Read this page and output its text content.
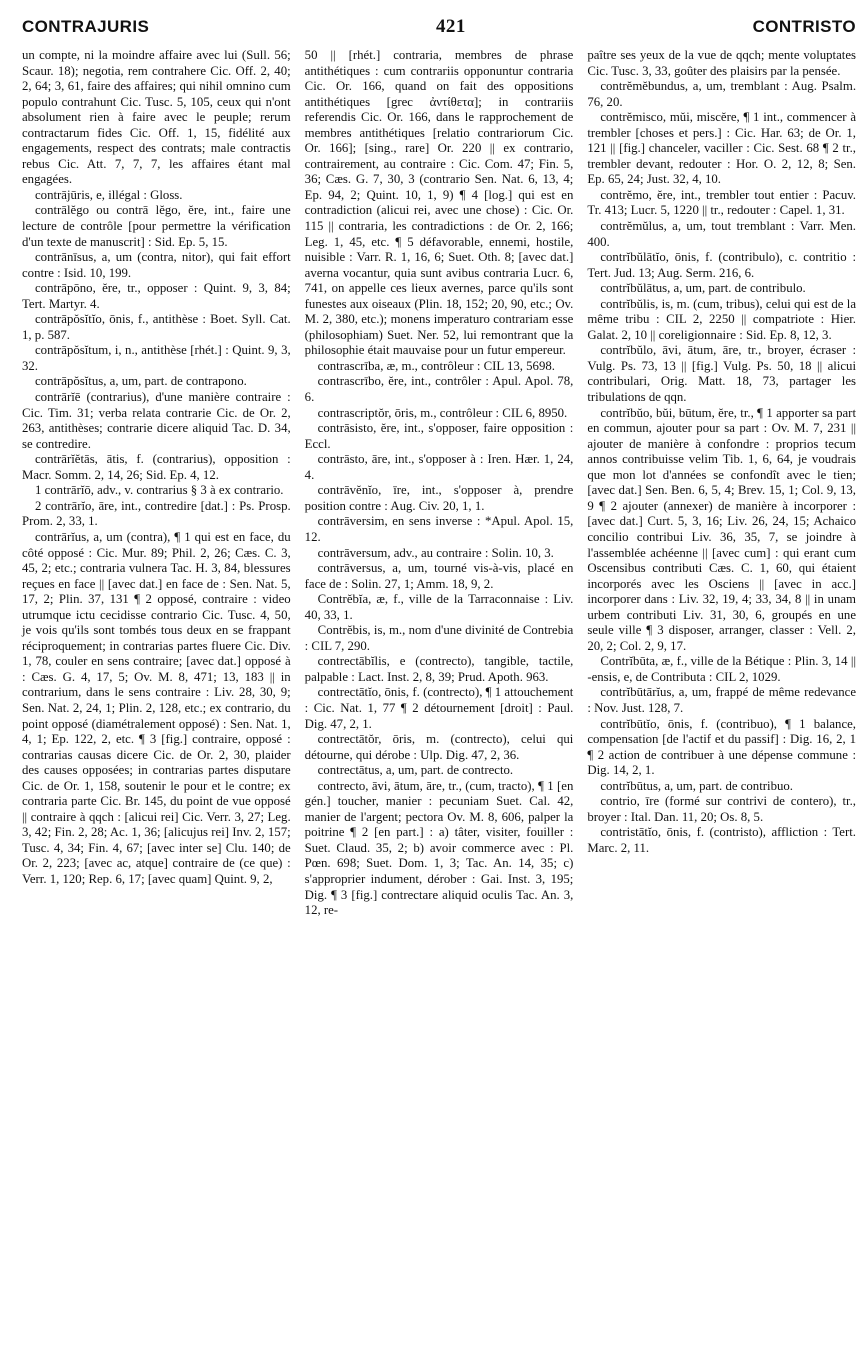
CONTRAJURIS	421	CONTRISTO

un compte, ni la moindre affaire avec lui (Sull. 56; Scaur. 18); negotia, rem contrahere Cic. Off. 2, 40; 2, 64; 3, 61, faire des affaires; qui nihil omnino cum populo contrahunt Cic. Tusc. 5, 105, ceux qui n'ont absolument rien à faire avec le peuple; rerum contractarum fides Cic. Off. 1, 15, fidélité aux engagements, respect des contrats; male contractis rebus Cic. Att. 7, 7, 7, les affaires étant mal engagées.

contrājūris, e, illégal : Gloss.

contrālĕgo ou contrā lĕgo, ĕre, int., faire une lecture de contrôle [pour permettre la vérification d'un texte de manuscrit] : Sid. Ep. 5, 15.

contrānīsus, a, um (contra, nitor), qui fait effort contre : Isid. 10, 199.

contrāpōno, ĕre, tr., opposer : Quint. 9, 3, 84; Tert. Martyr. 4.

contrāpŏsĭtĭo, ōnis, f., antithèse : Boet. Syll. Cat. 1, p. 587.

contrāpŏsĭtum, i, n., antithèse [rhét.] : Quint. 9, 3, 32.

contrāpŏsĭtus, a, um, part. de contrapono.

contrārĭē (contrarius), d'une manière contraire : Cic. Tim. 31; verba relata contrarie Cic. de Or. 2, 263, antithèses; contrarie dicere aliquid Tac. D. 34, se contredire.

contrārĭĕtās, ātis, f. (contrarius), opposition : Macr. Somm. 2, 14, 26; Sid. Ep. 4, 12.

1 contrārĭō, adv., v. contrarius § 3 à ex contrario.

2 contrārĭo, āre, int., contredire [dat.] : Ps. Prosp. Prom. 2, 33, 1.

contrārĭus, a, um (contra), ¶ 1 qui est en face, du côté opposé : Cic. Mur. 89; Phil. 2, 26; Cæs. C. 3, 45, 2; etc.; contraria vulnera Tac. H. 3, 84, blessures reçues en face || [avec dat.] en face de : Sen. Nat. 5, 17, 2; Plin. 37, 131 ¶ 2 opposé, contraire : video utrumque ictu cecidisse contrario Cic. Tusc. 4, 50, je vois qu'ils sont tombés tous deux en se frappant réciproquement; in contrarias partes fluere Cic. Div. 1, 78, couler en sens contraire; [avec dat.] opposé à : Cæs. G. 4, 17, 5; Ov. M. 8, 471; 13, 183 || in contrarium, dans le sens contraire : Liv. 28, 30, 9; Sen. Nat. 2, 24, 1; Plin. 2, 128, etc.; ex contrario, du point opposé (diamétralement opposé) : Sen. Nat. 1, 4, 1; Ep. 122, 2, etc. ¶ 3 [fig.] contraire, opposé : contrarias causas dicere Cic. de Or. 2, 30, plaider des causes opposées; in contrarias partes disputare Cic. de Or. 1, 158, soutenir le pour et le contre; ex contraria parte Cic. Br. 145, du point de vue opposé || contraire à qqch : [alicui rei] Cic. Verr. 3, 27; Leg. 3, 42; Fin. 2, 28; Ac. 1, 36; [alicujus rei] Inv. 2, 157; Tusc. 4, 34; Fin. 4, 67; [avec inter se] Clu. 140; de Or. 2, 223; [avec ac, atque] contraire de (ce que) : Verr. 1, 120; Rep. 6, 17; [avec quam] Quint. 9, 2,

50 || [rhét.] contraria, membres de phrase antithétiques : cum contrariis opponuntur contraria Cic. Or. 166, quand on fait des oppositions antithétiques [grec ἀντίθετα]; in contrariis referendis Cic. Or. 166, dans le rapprochement de membres antithétiques [relatio contrariorum Cic. Or. 166]; [sing., rare] Or. 220 || ex contrario, contrairement, au contraire : Cic. Com. 47; Fin. 5, 36; Cæs. G. 7, 30, 3 (contrario Sen. Nat. 6, 13, 4; Ep. 94, 2; Quint. 10, 1, 9) ¶ 4 [log.] qui est en contradiction (alicui rei, avec une chose) : Cic. Or. 115 || contraria, les contradictions : de Or. 2, 166; Leg. 1, 45, etc. ¶ 5 défavorable, ennemi, hostile, nuisible : Varr. R. 1, 16, 6; Suet. Oth. 8; [avec dat.] averna vocantur, quia sunt avibus contraria Lucr. 6, 741, on appelle ces lieux avernes, parce qu'ils sont funestes aux oiseaux (Plin. 18, 152; 20, 90, etc.; Ov. M. 2, 380, etc.); monens imperaturo contrariam esse (philosophiam) Suet. Ner. 52, lui remontrant que la philosophie était mauvaise pour un futur empereur.

contrascrība, æ, m., contrôleur : CIL 13, 5698.

contrascrībo, ĕre, int., contrôler : Apul. Apol. 78, 6.

contrascriptŏr, ōris, m., contrôleur : CIL 6, 8950.

contrāsisto, ĕre, int., s'opposer, faire opposition : Eccl.

contrāsto, āre, int., s'opposer à : Iren. Hær. 1, 24, 4.

contrāvĕnĭo, īre, int., s'opposer à, prendre position contre : Aug. Civ. 20, 1, 1.

contrāversim, en sens inverse : *Apul. Apol. 15, 12.

contrāversum, adv., au contraire : Solin. 10, 3.

contrāversus, a, um, tourné vis-à-vis, placé en face de : Solin. 27, 1; Amm. 18, 9, 2.

Contrĕbĭa, æ, f., ville de la Tarraconnaise : Liv. 40, 33, 1.

Contrĕbis, is, m., nom d'une divinité de Contrebia : CIL 7, 290.

contrectābĭlis, e (contrecto), tangible, tactile, palpable : Lact. Inst. 2, 8, 39; Prud. Apoth. 963.

contrectātĭo, ōnis, f. (contrecto), ¶ 1 attouchement : Cic. Nat. 1, 77 ¶ 2 détournement [droit] : Paul. Dig. 47, 2, 1.

contrectātŏr, ōris, m. (contrecto), celui qui détourne, qui dérobe : Ulp. Dig. 47, 2, 36.

contrectātus, a, um, part. de contrecto.

contrecto, āvi, ātum, āre, tr., (cum, tracto), ¶ 1 [en gén.] toucher, manier : pecuniam Suet. Cal. 42, manier de l'argent; pectora Ov. M. 8, 606, palper la poitrine ¶ 2 [en part.] : a) tâter, visiter, fouiller : Suet. Claud. 35, 2; b) avoir commerce avec : Pl. Pœn. 698; Suet. Dom. 1, 3; Tac. An. 14, 35; c) s'approprier indument, dérober : Gai. Inst. 3, 195; Dig. ¶ 3 [fig.] contrectare aliquid oculis Tac. An. 3, 12, re-

paître ses yeux de la vue de qqch; mente voluptates Cic. Tusc. 3, 33, goûter des plaisirs par la pensée.

contrĕmĕbundus, a, um, tremblant : Aug. Psalm. 76, 20.

contrĕmisco, mŭi, miscĕre, ¶ 1 int., commencer à trembler [choses et pers.] : Cic. Har. 63; de Or. 1, 121 || [fig.] chanceler, vaciller : Cic. Sest. 68 ¶ 2 tr., trembler devant, redouter : Hor. O. 2, 12, 8; Sen. Ep. 65, 24; Just. 32, 4, 10.

contrĕmo, ĕre, int., trembler tout entier : Pacuv. Tr. 413; Lucr. 5, 1220 || tr., redouter : Capel. 1, 31.

contrĕmŭlus, a, um, tout tremblant : Varr. Men. 400.

contrĭbŭlātĭo, ōnis, f. (contribulo), c. contritio : Tert. Jud. 13; Aug. Serm. 216, 6.

contrĭbŭlātus, a, um, part. de contribulo.

contrĭbŭlis, is, m. (cum, tribus), celui qui est de la même tribu : CIL 2, 2250 || compatriote : Hier. Galat. 2, 10 || coreligionnaire : Sid. Ep. 8, 12, 3.

contrĭbŭlo, āvi, ātum, āre, tr., broyer, écraser : Vulg. Ps. 73, 13 || [fig.] Vulg. Ps. 50, 18 || alicui contribulari, Orig. Matt. 18, 73, partager les tribulations de qqn.

contrĭbŭo, bŭi, būtum, ĕre, tr., ¶ 1 apporter sa part en commun, ajouter pour sa part : Ov. M. 7, 231 || ajouter de manière à confondre : proprios tecum annos contribuisse velim Tib. 1, 6, 64, je voudrais que mon lot d'années se confondît avec le tien; [avec dat.] Sen. Ben. 6, 5, 4; Brev. 15, 1; Col. 9, 13, 9 ¶ 2 ajouter (annexer) de manière à incorporer : [avec dat.] Curt. 5, 3, 16; Liv. 26, 24, 15; Achaico concilio contribui Liv. 36, 35, 7, se joindre à l'assemblée achéenne || [avec cum] : qui erant cum Oscensibus contributi Cæs. C. 1, 60, qui étaient incorporés avec les Osciens || [avec in acc.] incorporer dans : Liv. 32, 19, 4; 33, 34, 8 || in unam urbem contributi Liv. 31, 30, 6, groupés en une seule ville ¶ 3 disposer, arranger, classer : Vell. 2, 20, 2; Col. 2, 9, 17.

Contrĭbūta, æ, f., ville de la Bétique : Plin. 3, 14 || -ensis, e, de Contributa : CIL 2, 1029.

contrĭbūtārĭus, a, um, frappé de même redevance : Nov. Just. 128, 7.

contrĭbūtĭo, ōnis, f. (contribuo), ¶ 1 balance, compensation [de l'actif et du passif] : Dig. 16, 2, 1 ¶ 2 action de contribuer à une dépense commune : Dig. 14, 2, 1.

contrĭbūtus, a, um, part. de contribuo.

contrio, īre (formé sur contrivi de contero), tr., broyer : Ital. Dan. 11, 20; Os. 8, 5.

contristātĭo, ōnis, f. (contristo), affliction : Tert. Marc. 2, 11.
